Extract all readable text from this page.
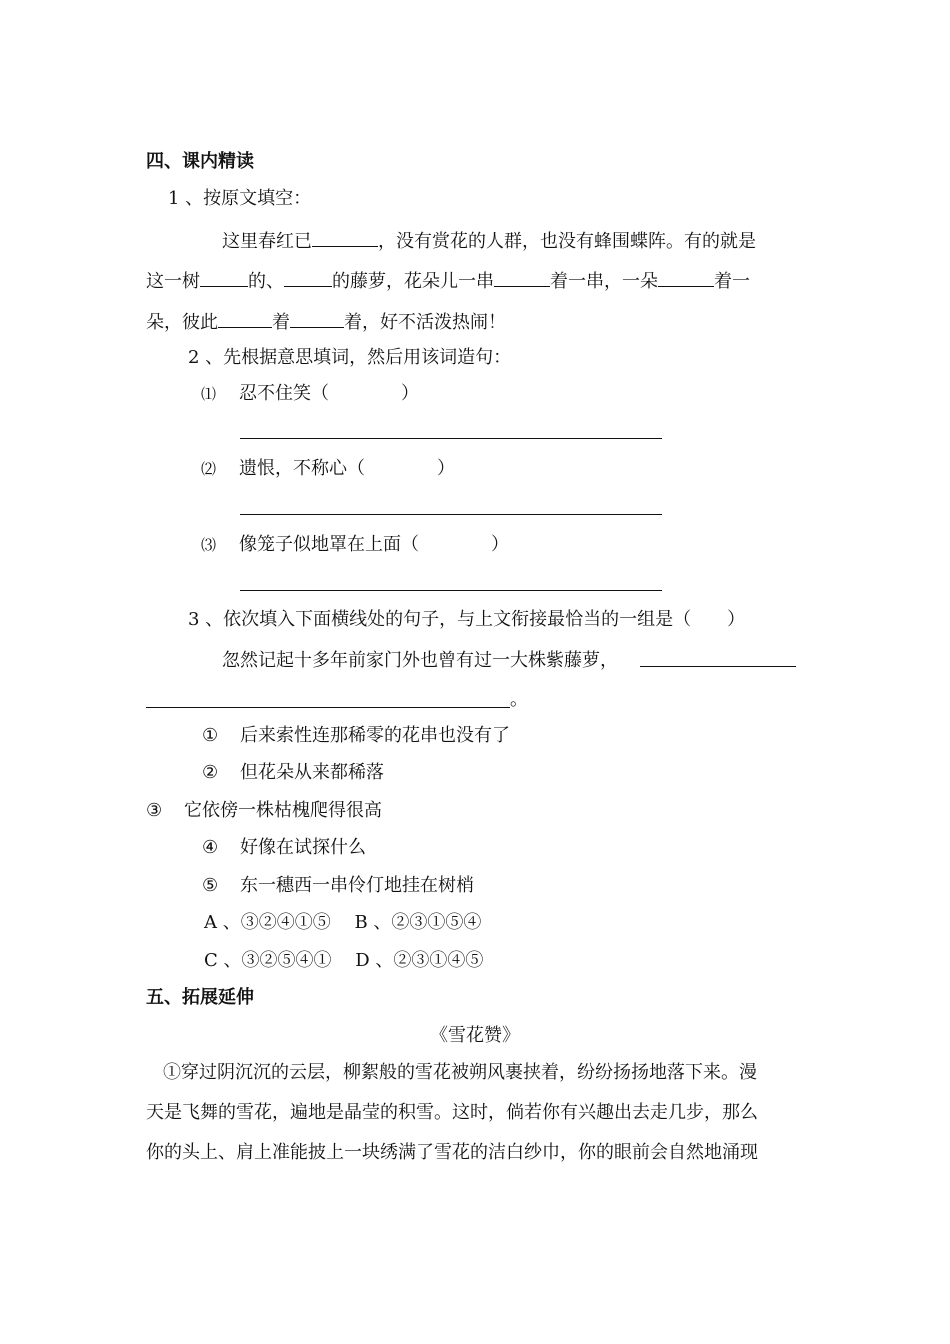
四、课内精读
1 、按原文填空：
这里春红已	，没有赏花的人群，也没有蜂围蝶阵。有的就是
这一树	的、	的藤萝，花朵儿一串	着一串，一朵	着一
朵，彼此	着	着，好不活泼热闹！
2 、先根据意思填词，然后用该词造句：
⑴ 忍不住笑（　　　　）
⑵ 遗恨，不称心（　　　　）
⑶ 像笼子似地罩在上面（　　　　）
3 、依次填入下面横线处的句子，与上文衔接最恰当的一组是（　　）
忽然记起十多年前家门外也曾有过一大株紫藤萝，
。
① 后来索性连那稀零的花串也没有了
② 但花朵从来都稀落
③ 它依傍一株枯槐爬得很高
④ 好像在试探什么
⑤ 东一穗西一串伶仃地挂在树梢
A 、③②④①⑤　 B 、②③①⑤④
C 、③②⑤④①　 D 、②③①④⑤
五、拓展延伸
《雪花赞》
①穿过阴沉沉的云层，柳絮般的雪花被朔风裹挟着，纷纷扬扬地落下来。漫
天是飞舞的雪花，遍地是晶莹的积雪。这时，倘若你有兴趣出去走几步，那么
你的头上、肩上准能披上一块绣满了雪花的洁白纱巾，你的眼前会自然地涌现
